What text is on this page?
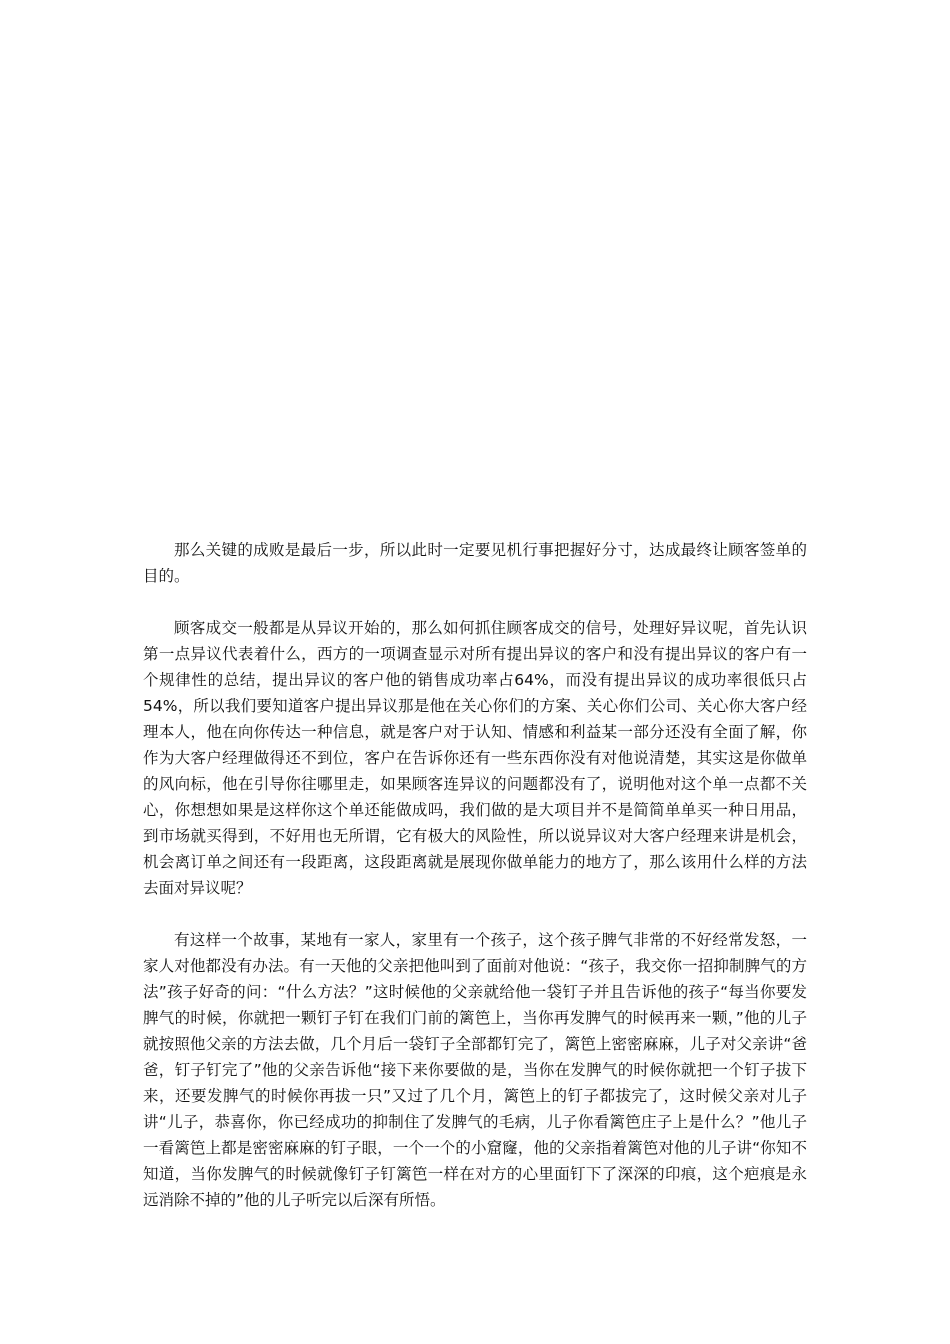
那么关键的成败是最后一步，所以此时一定要见机行事把握好分寸，达成最终让顾客签单的目的。

顾客成交一般都是从异议开始的，那么如何抓住顾客成交的信号，处理好异议呢，首先认识第一点异议代表着什么，西方的一项调查显示对所有提出异议的客户和没有提出异议的客户有一个规律性的总结，提出异议的客户他的销售成功率占64%，而没有提出异议的成功率很低只占54%，所以我们要知道客户提出异议那是他在关心你们的方案、关心你们公司、关心你大客户经理本人，他在向你传达一种信息，就是客户对于认知、情感和利益某一部分还没有全面了解，你作为大客户经理做得还不到位，客户在告诉你还有一些东西你没有对他说清楚，其实这是你做单的风向标，他在引导你往哪里走，如果顾客连异议的问题都没有了，说明他对这个单一点都不关心，你想想如果是这样你这个单还能做成吗，我们做的是大项目并不是简简单单买一种日用品，到市场就买得到，不好用也无所谓，它有极大的风险性，所以说异议对大客户经理来讲是机会，机会离订单之间还有一段距离，这段距离就是展现你做单能力的地方了，那么该用什么样的方法去面对异议呢？

有这样一个故事，某地有一家人，家里有一个孩子，这个孩子脾气非常的不好经常发怒，一家人对他都没有办法。有一天他的父亲把他叫到了面前对他说：“孩子，我交你一招抑制脾气的方法”孩子好奇的问：“什么方法？”这时候他的父亲就给他一袋钉子并且告诉他的孩子“每当你要发脾气的时候，你就把一颗钉子钉在我们门前的篱笆上，当你再发脾气的时候再来一颗，”他的儿子就按照他父亲的方法去做，几个月后一袋钉子全部都钉完了，篱笆上密密麻麻，儿子对父亲讲“爸爸，钉子钉完了”他的父亲告诉他“接下来你要做的是，当你在发脾气的时候你就把一个钉子拔下来，还要发脾气的时候你再拔一只”又过了几个月，篱笆上的钉子都拔完了，这时候父亲对儿子讲“儿子，恭喜你，你已经成功的抑制住了发脾气的毛病，儿子你看篱笆庄子上是什么？”他儿子一看篱笆上都是密密麻麻的钉子眼，一个一个的小窟窿，他的父亲指着篱笆对他的儿子讲“你知不知道，当你发脾气的时候就像钉子钉篱笆一样在对方的心里面钉下了深深的印痕，这个疤痕是永远消除不掉的”他的儿子听完以后深有所悟。
